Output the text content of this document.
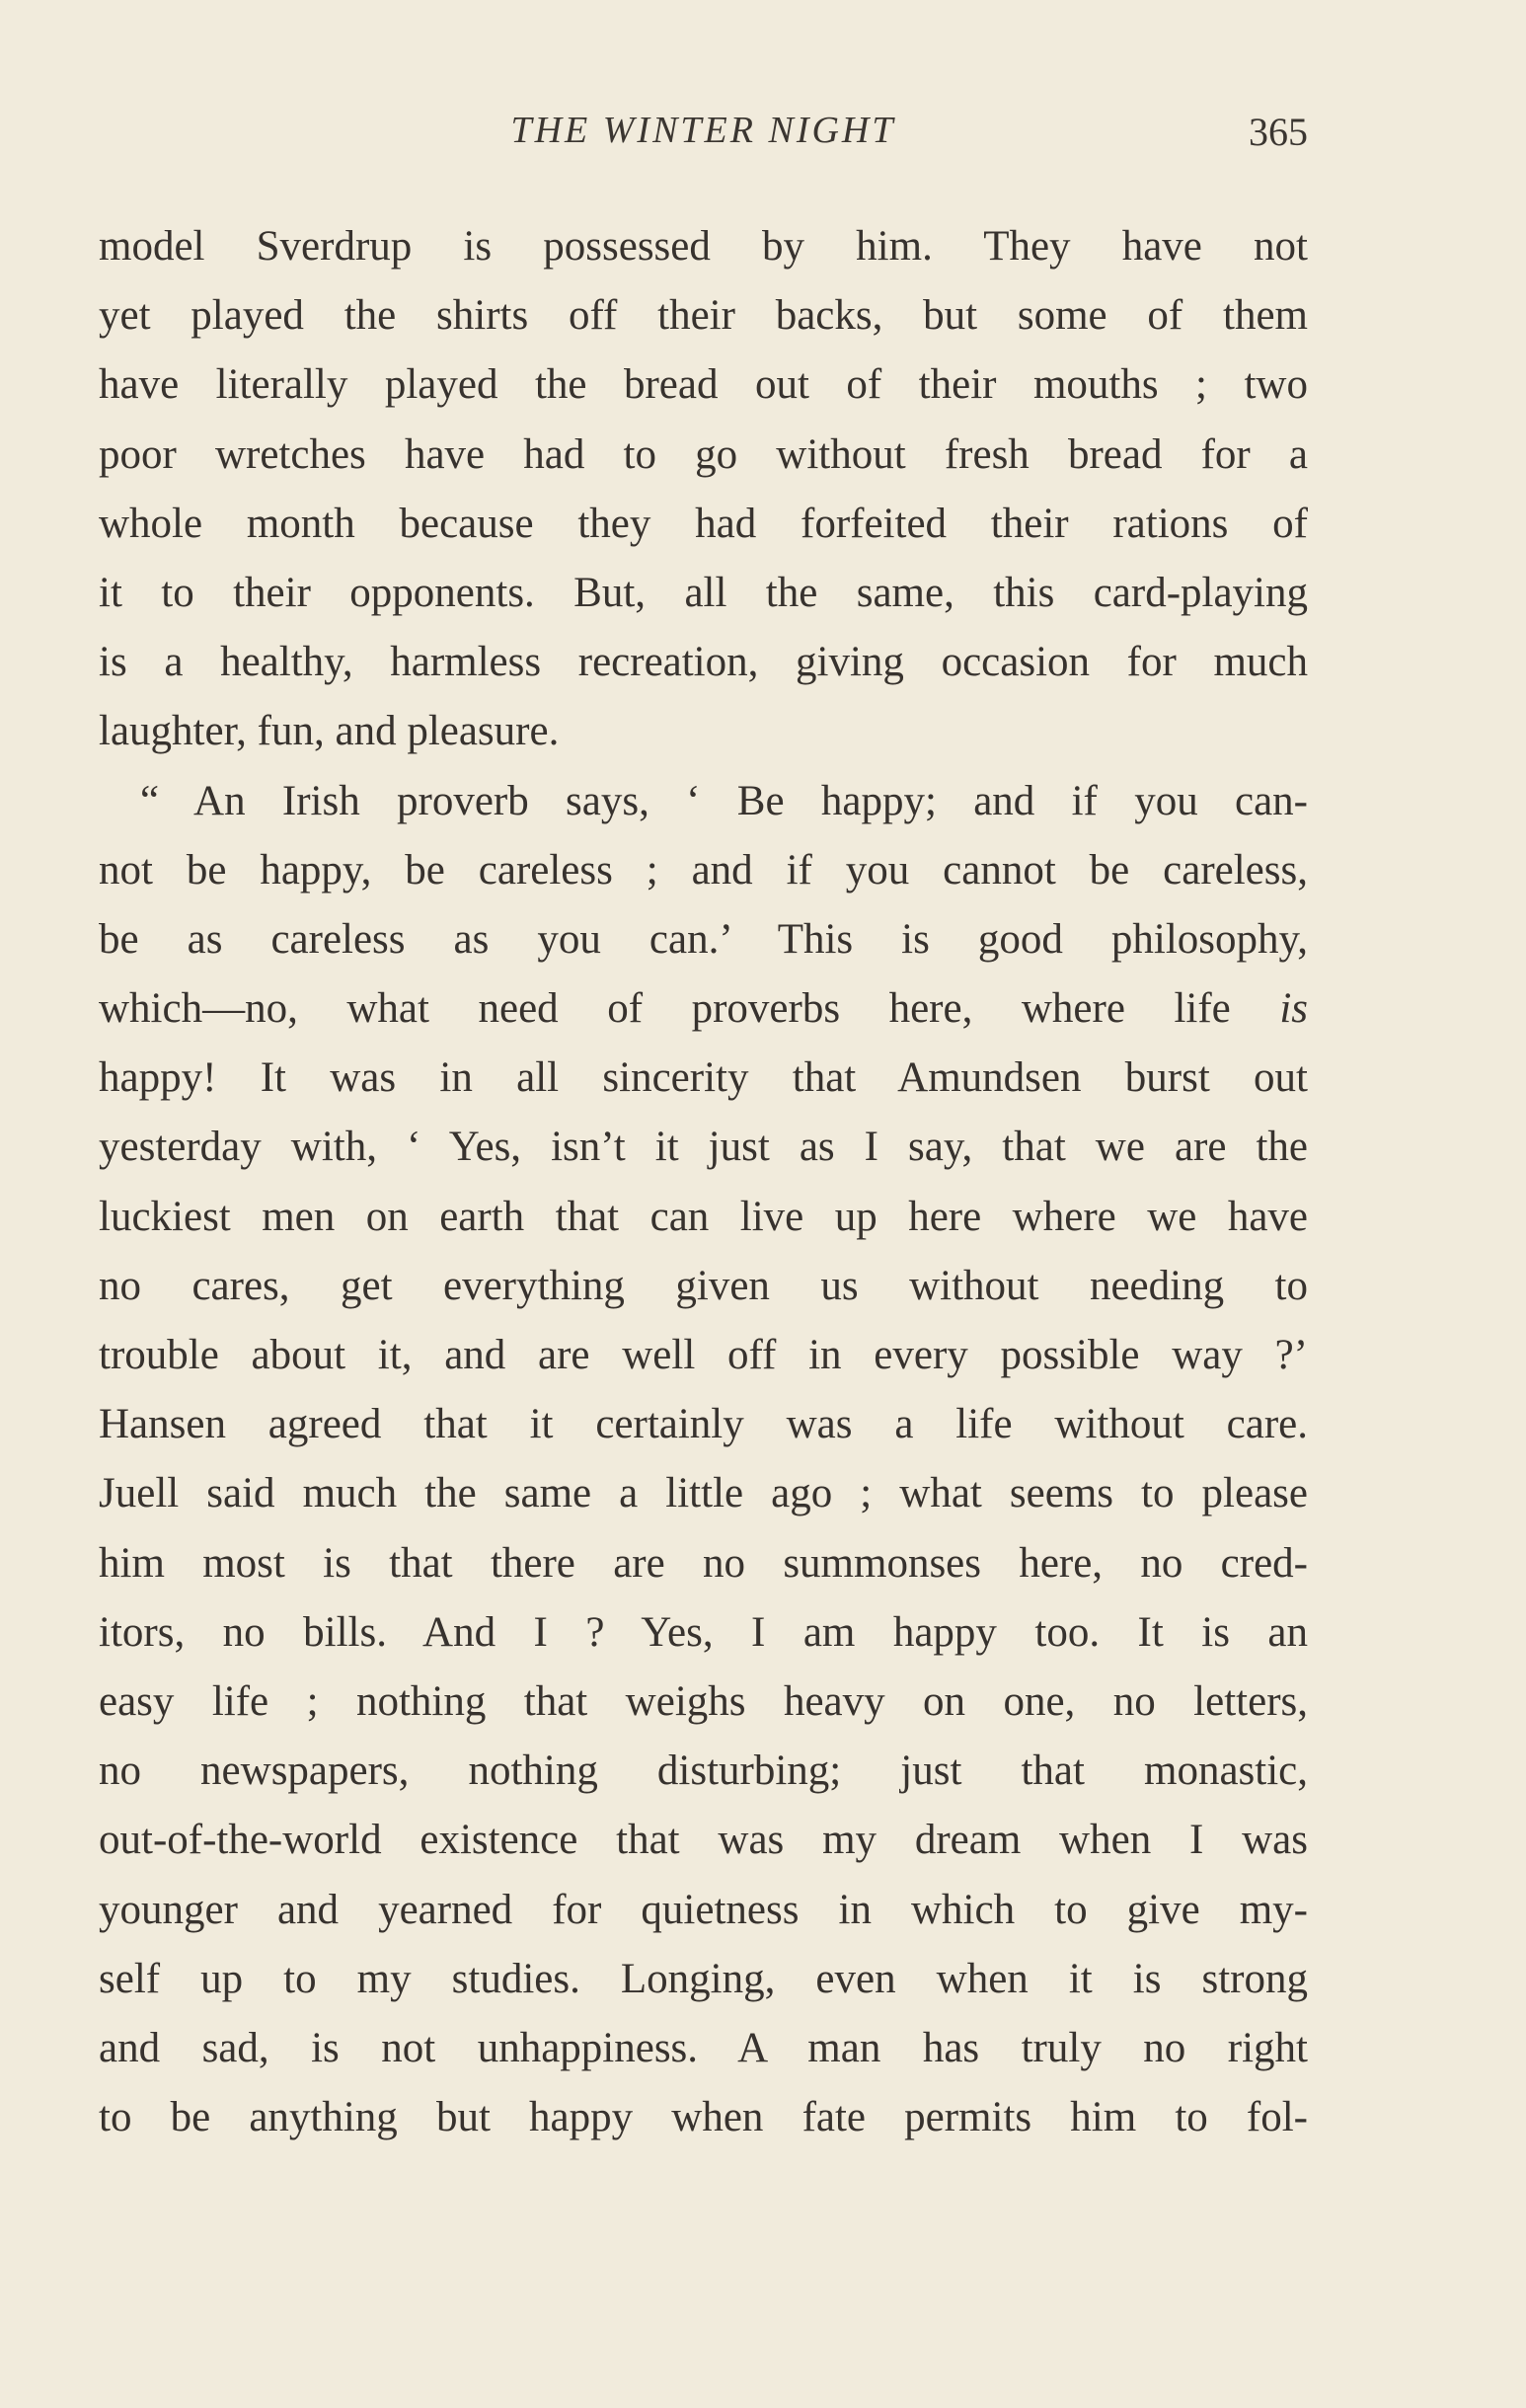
THE WINTER NIGHT	365
model Sverdrup is possessed by him. They have not
yet played the shirts off their backs, but some of them
have literally played the bread out of their mouths ; two
poor wretches have had to go without fresh bread for a
whole month because they had forfeited their rations of
it to their opponents. But, all the same, this card-playing
is a healthy, harmless recreation, giving occasion for much
laughter, fun, and pleasure.
“ An Irish proverb says, ‘ Be happy; and if you can-
not be happy, be careless ; and if you cannot be careless,
be as careless as you can.’ This is good philosophy,
which—no, what need of proverbs here, where life is
happy! It was in all sincerity that Amundsen burst out
yesterday with, ‘ Yes, isn’t it just as I say, that we are the
luckiest men on earth that can live up here where we have
no cares, get everything given us without needing to
trouble about it, and are well off in every possible way ?’
Hansen agreed that it certainly was a life without care.
Juell said much the same a little ago ; what seems to please
him most is that there are no summonses here, no cred-
itors, no bills. And I ? Yes, I am happy too. It is an
easy life ; nothing that weighs heavy on one, no letters,
no newspapers, nothing disturbing; just that monastic,
out-of-the-world existence that was my dream when I was
younger and yearned for quietness in which to give my-
self up to my studies. Longing, even when it is strong
and sad, is not unhappiness. A man has truly no right
to be anything but happy when fate permits him to fol-
